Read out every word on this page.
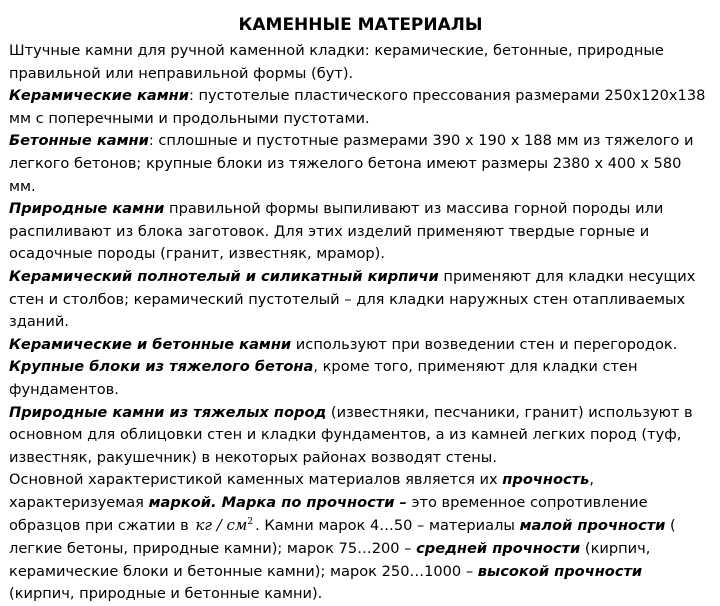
КАМЕННЫЕ МАТЕРИАЛЫ

Штучные камни для ручной каменной кладки: керамические, бетонные, природные правильной или неправильной формы (бут).

Керамические камни: пустотелые пластического прессования размерами 250х120х138 мм с поперечными и продольными пустотами.

Бетонные камни: сплошные и пустотные размерами 390 х 190 х 188 мм из тяжелого и легкого бетонов; крупные блоки из тяжелого бетона имеют размеры 2380 х 400 х 580 мм.

Природные камни правильной формы выпиливают из массива горной породы или распиливают из блока заготовок. Для этих изделий применяют твердые горные и осадочные породы (гранит, известняк, мрамор).

Керамический полнотелый и силикатный кирпичи применяют для кладки несущих стен и столбов; керамический пустотелый – для кладки наружных стен отапливаемых зданий.

Керамические и бетонные камни используют при возведении стен и перегородок.

Крупные блоки из тяжелого бетона, кроме того, применяют для кладки стен фундаментов.

Природные камни из тяжелых пород (известняки, песчаники, гранит) используют в основном для облицовки стен и кладки фундаментов, а из камней легких пород (туф, известняк, ракушечник) в некоторых районах возводят стены.

Основной характеристикой каменных материалов является их прочность, характеризуемая маркой. Марка по прочности – это временное сопротивление образцов при сжатии в кг / $см^2$ . Камни марок 4…50 – материалы малой прочности ( легкие бетоны, природные камни); марок 75…200 – средней прочности (кирпич, керамические блоки и бетонные камни); марок 250…1000 – высокой прочности (кирпич, природные и бетонные камни).
